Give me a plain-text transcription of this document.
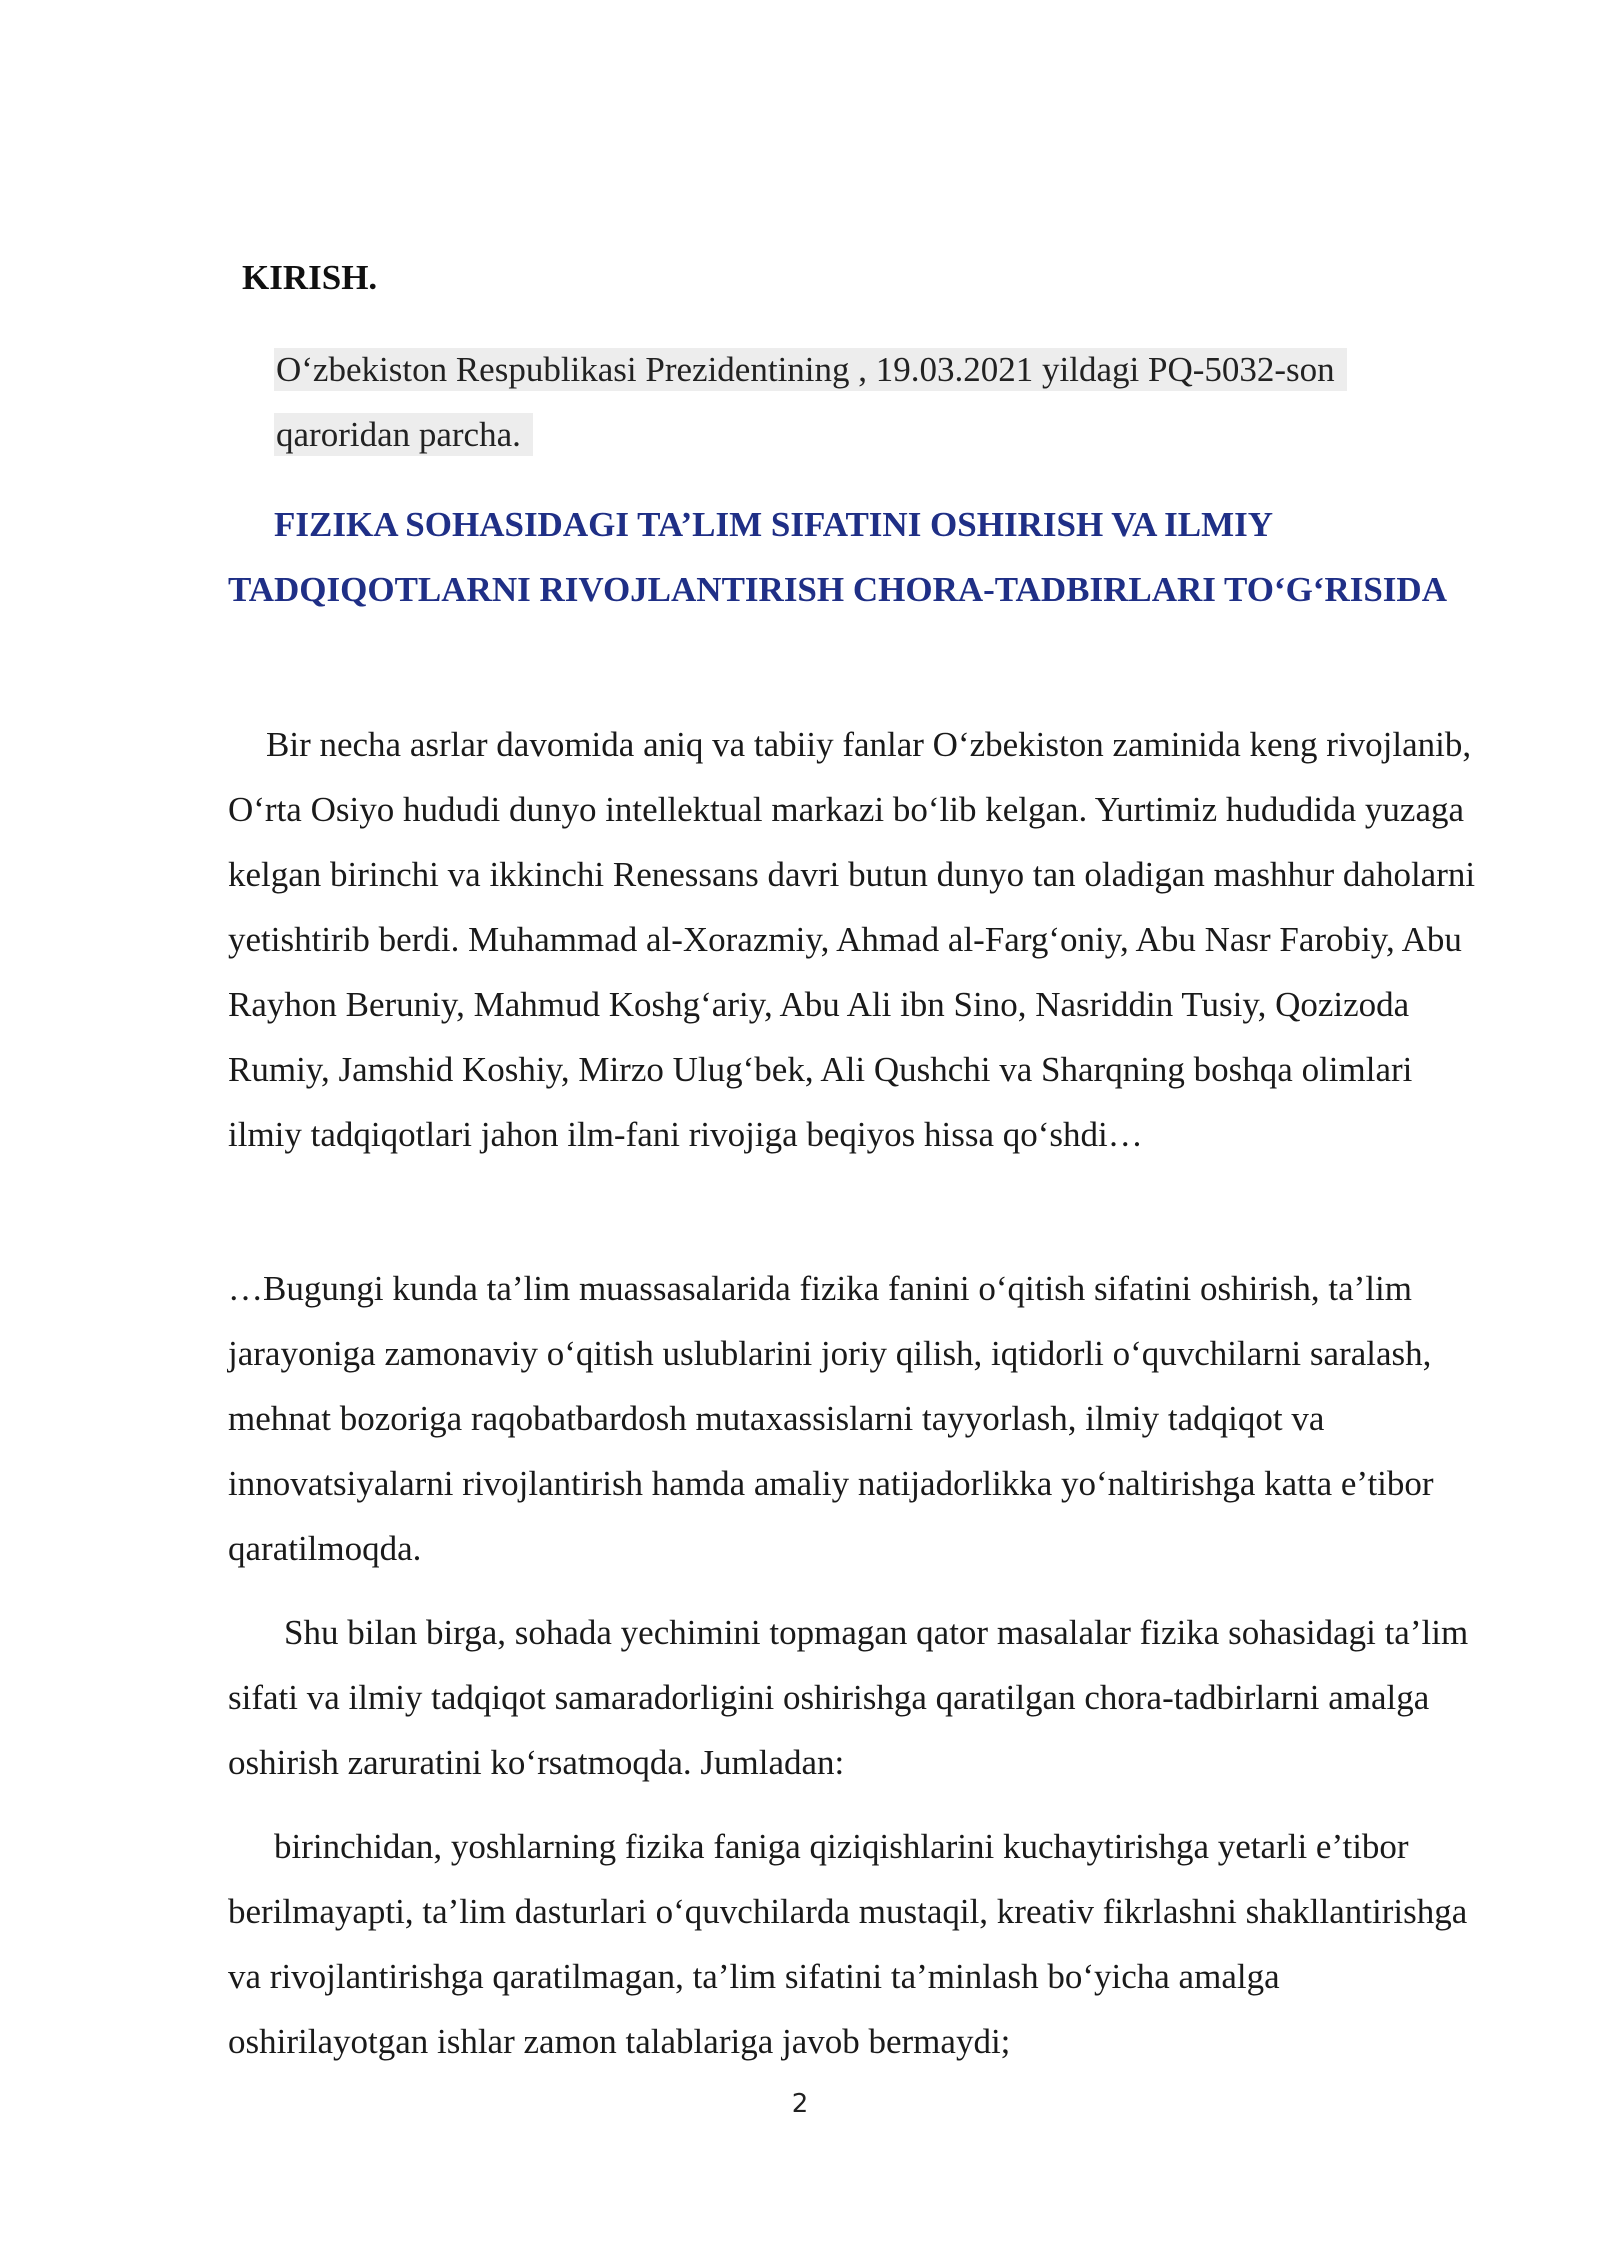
KIRISH.

O‘zbekiston Respublikasi Prezidentining , 19.03.2021 yildagi PQ-5032-son
qaroridan parcha.

FIZIKA SOHASIDAGI TA’LIM SIFATINI OSHIRISH VA ILMIY TADQIQOTLARNI RIVOJLANTIRISH CHORA-TADBIRLARI TO‘G‘RISIDA

Bir necha asrlar davomida aniq va tabiiy fanlar O‘zbekiston zaminida keng rivojlanib, O‘rta Osiyo hududi dunyo intellektual markazi bo‘lib kelgan. Yurtimiz hududida yuzaga kelgan birinchi va ikkinchi Renessans davri butun dunyo tan oladigan mashhur daholarni yetishtirib berdi. Muhammad al-Xorazmiy, Ahmad al-Farg‘oniy, Abu Nasr Farobiy, Abu Rayhon Beruniy, Mahmud Koshg‘ariy, Abu Ali ibn Sino, Nasriddin Tusiy, Qozizoda Rumiy, Jamshid Koshiy, Mirzo Ulug‘bek, Ali Qushchi va Sharqning boshqa olimlari ilmiy tadqiqotlari jahon ilm-fani rivojiga beqiyos hissa qo‘shdi…

…Bugungi kunda ta’lim muassasalarida fizika fanini o‘qitish sifatini oshirish, ta’lim jarayoniga zamonaviy o‘qitish uslublarini joriy qilish, iqtidorli o‘quvchilarni saralash, mehnat bozoriga raqobatbardosh mutaxassislarni tayyorlash, ilmiy tadqiqot va innovatsiyalarni rivojlantirish hamda amaliy natijadorlikka yo‘naltirishga katta e’tibor qaratilmoqda.

Shu bilan birga, sohada yechimini topmagan qator masalalar fizika sohasidagi ta’lim sifati va ilmiy tadqiqot samaradorligini oshirishga qaratilgan chora-tadbirlarni amalga oshirish zaruratini ko‘rsatmoqda. Jumladan:

birinchidan, yoshlarning fizika faniga qiziqishlarini kuchaytirishga yetarli e’tibor berilmayapti, ta’lim dasturlari o‘quvchilarda mustaqil, kreativ fikrlashni shakllantirishga va rivojlantirishga qaratilmagan, ta’lim sifatini ta’minlash bo‘yicha amalga oshirilayotgan ishlar zamon talablariga javob bermaydi;

2
